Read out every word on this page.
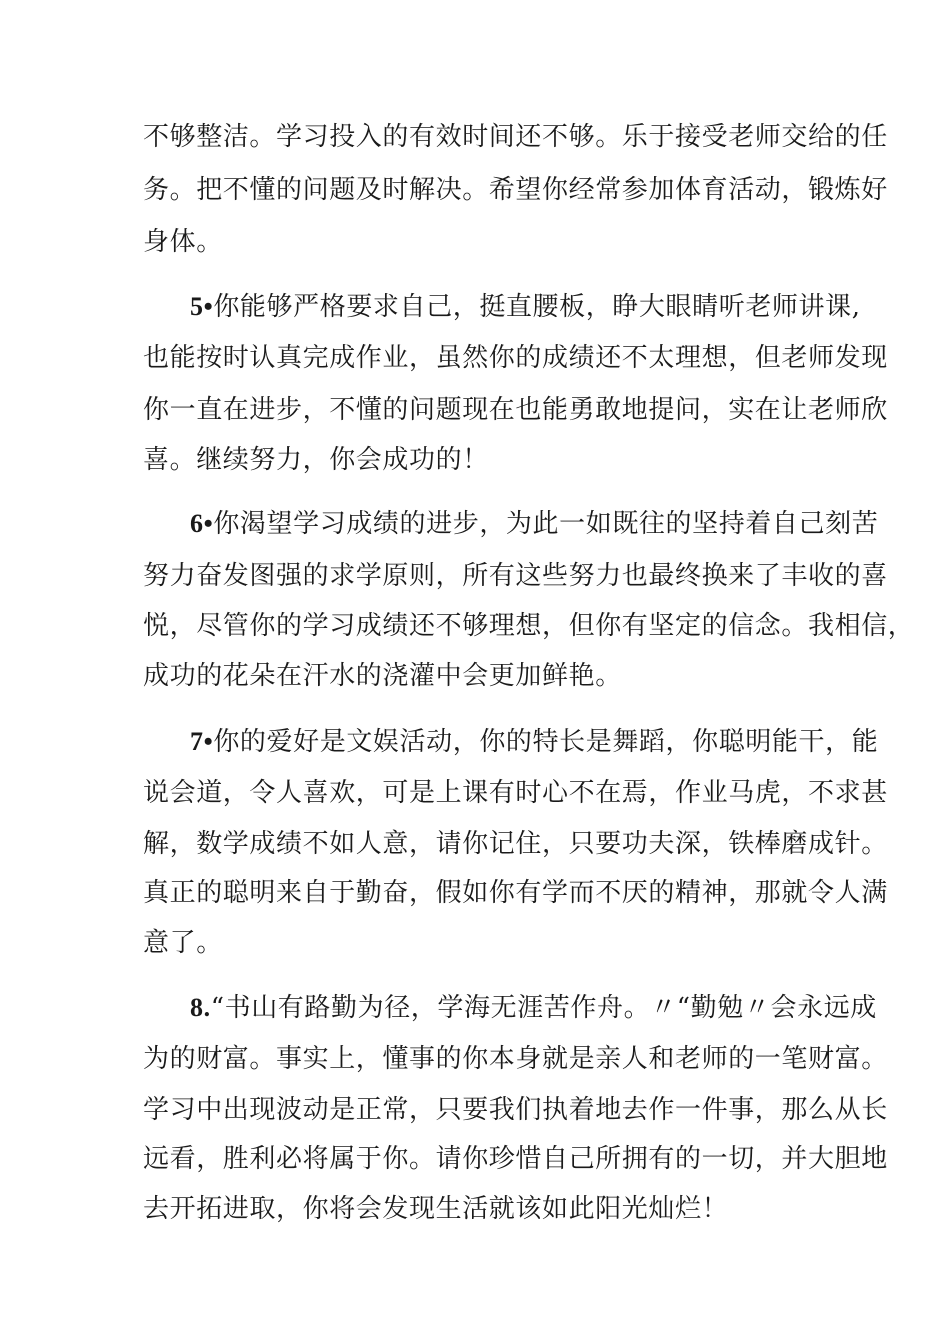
不够整洁。学习投入的有效时间还不够。乐于接受老师交给的任
务。把不懂的问题及时解决。希望你经常参加体育活动，锻炼好
身体。
5•你能够严格要求自己，挺直腰板，睁大眼睛听老师讲课,
也能按时认真完成作业，虽然你的成绩还不太理想，但老师发现
你一直在进步，不懂的问题现在也能勇敢地提问，实在让老师欣
喜。继续努力，你会成功的！
6•你渴望学习成绩的进步，为此一如既往的坚持着自己刻苦
努力奋发图强的求学原则，所有这些努力也最终换来了丰收的喜
悦，尽管你的学习成绩还不够理想，但你有坚定的信念。我相信，
成功的花朵在汗水的浇灌中会更加鲜艳。
7•你的爱好是文娱活动，你的特长是舞蹈，你聪明能干，能
说会道，令人喜欢，可是上课有时心不在焉，作业马虎，不求甚
解，数学成绩不如人意，请你记住，只要功夫深，铁棒磨成针。
真正的聪明来自于勤奋，假如你有学而不厌的精神，那就令人满
意了。
8.“书山有路勤为径，学海无涯苦作舟。〃“勤勉〃会永远成
为的财富。事实上，懂事的你本身就是亲人和老师的一笔财富。
学习中出现波动是正常，只要我们执着地去作一件事，那么从长
远看，胜利必将属于你。请你珍惜自己所拥有的一切，并大胆地
去开拓进取，你将会发现生活就该如此阳光灿烂！
